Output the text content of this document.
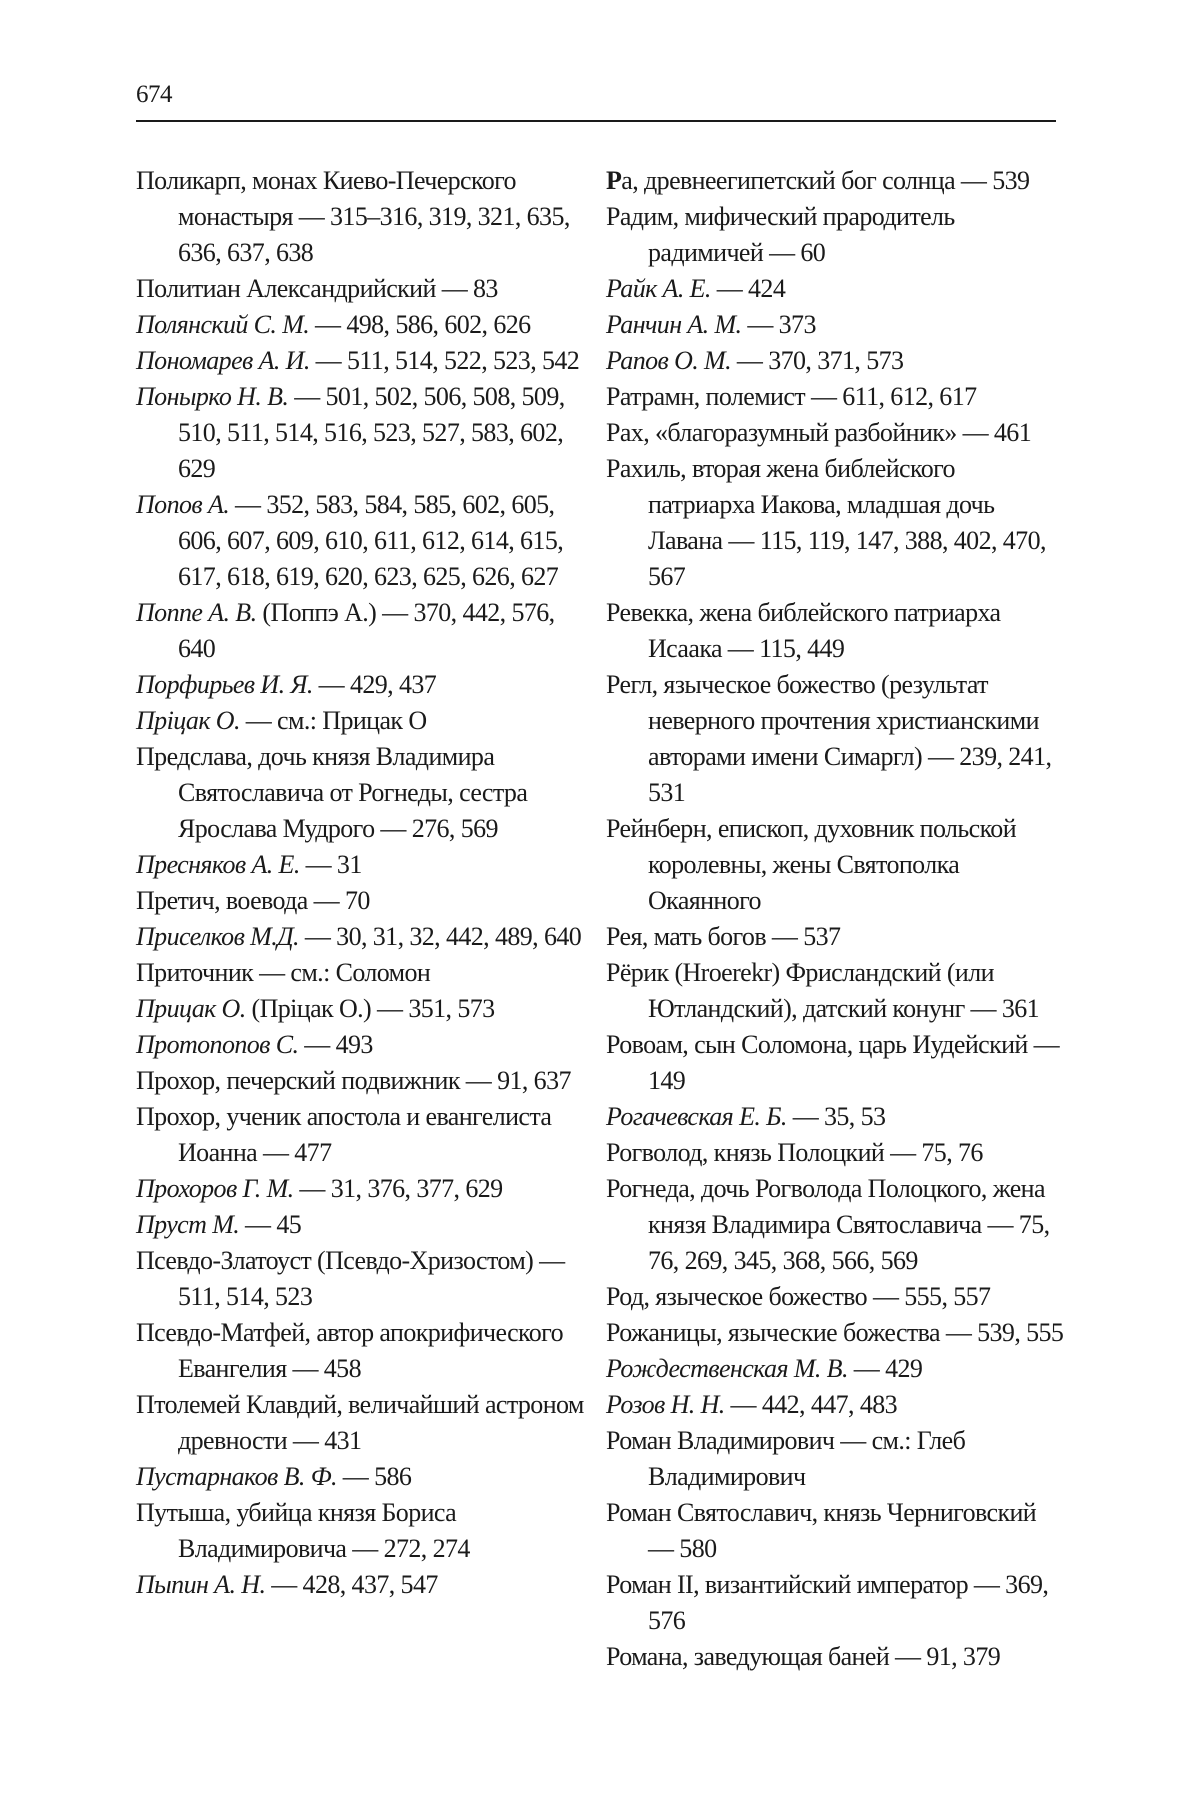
674

Поликарп, монах Киево-Печерского монастыря — 315–316, 319, 321, 635, 636, 637, 638

Политиан Александрийский — 83

Полянский С. М. — 498, 586, 602, 626

Пономарев А. И. — 511, 514, 522, 523, 542

Понырко Н. В. — 501, 502, 506, 508, 509, 510, 511, 514, 516, 523, 527, 583, 602, 629

Попов А. — 352, 583, 584, 585, 602, 605, 606, 607, 609, 610, 611, 612, 614, 615, 617, 618, 619, 620, 623, 625, 626, 627

Поппе А. В. (Поппэ А.) — 370, 442, 576, 640

Порфирьев И. Я. — 429, 437

Пріцак О. — см.: Прицак О

Предслава, дочь князя Владимира Святославича от Рогнеды, сестра Ярослава Мудрого — 276, 569

Пресняков А. Е. — 31

Претич, воевода — 70

Приселков М.Д. — 30, 31, 32, 442, 489, 640

Приточник — см.: Соломон

Прицак О. (Пріцак О.) — 351, 573

Протопопов С. — 493

Прохор, печерский подвижник — 91, 637

Прохор, ученик апостола и евангелиста Иоанна — 477

Прохоров Г. М. — 31, 376, 377, 629

Пруст М. — 45

Псевдо-Златоуст (Псевдо-Хризостом) — 511, 514, 523

Псевдо-Матфей, автор апокрифического Евангелия — 458

Птолемей Клавдий, величайший астроном древности — 431

Пустарнаков В. Ф. — 586

Путыша, убийца князя Бориса Владимировича — 272, 274

Пыпин А. Н. — 428, 437, 547

Ра, древнеегипетский бог солнца — 539

Радим, мифический прародитель радимичей — 60

Райк А. Е. — 424

Ранчин А. М. — 373

Рапов О. М. — 370, 371, 573

Ратрамн, полемист — 611, 612, 617

Рах, «благоразумный разбойник» — 461

Рахиль, вторая жена библейского патриарха Иакова, младшая дочь Лавана — 115, 119, 147, 388, 402, 470, 567

Ревекка, жена библейского патриарха Исаака — 115, 449

Регл, языческое божество (результат неверного прочтения христианскими авторами имени Симаргл) — 239, 241, 531

Рейнберн, епископ, духовник польской королевны, жены Святополка Окаянного

Рея, мать богов — 537

Рёрик (Hroerekr) Фрисландский (или Ютландский), датский конунг — 361

Ровоам, сын Соломона, царь Иудейский — 149

Рогачевская Е. Б. — 35, 53

Рогволод, князь Полоцкий — 75, 76

Рогнеда, дочь Рогволода Полоцкого, жена князя Владимира Святославича — 75, 76, 269, 345, 368, 566, 569

Род, языческое божество — 555, 557

Рожаницы, языческие божества — 539, 555

Рождественская М. В. — 429

Розов Н. Н. — 442, 447, 483

Роман Владимирович — см.: Глеб Владимирович

Роман Святославич, князь Черниговский — 580

Роман II, византийский император — 369, 576

Романа, заведующая баней — 91, 379
